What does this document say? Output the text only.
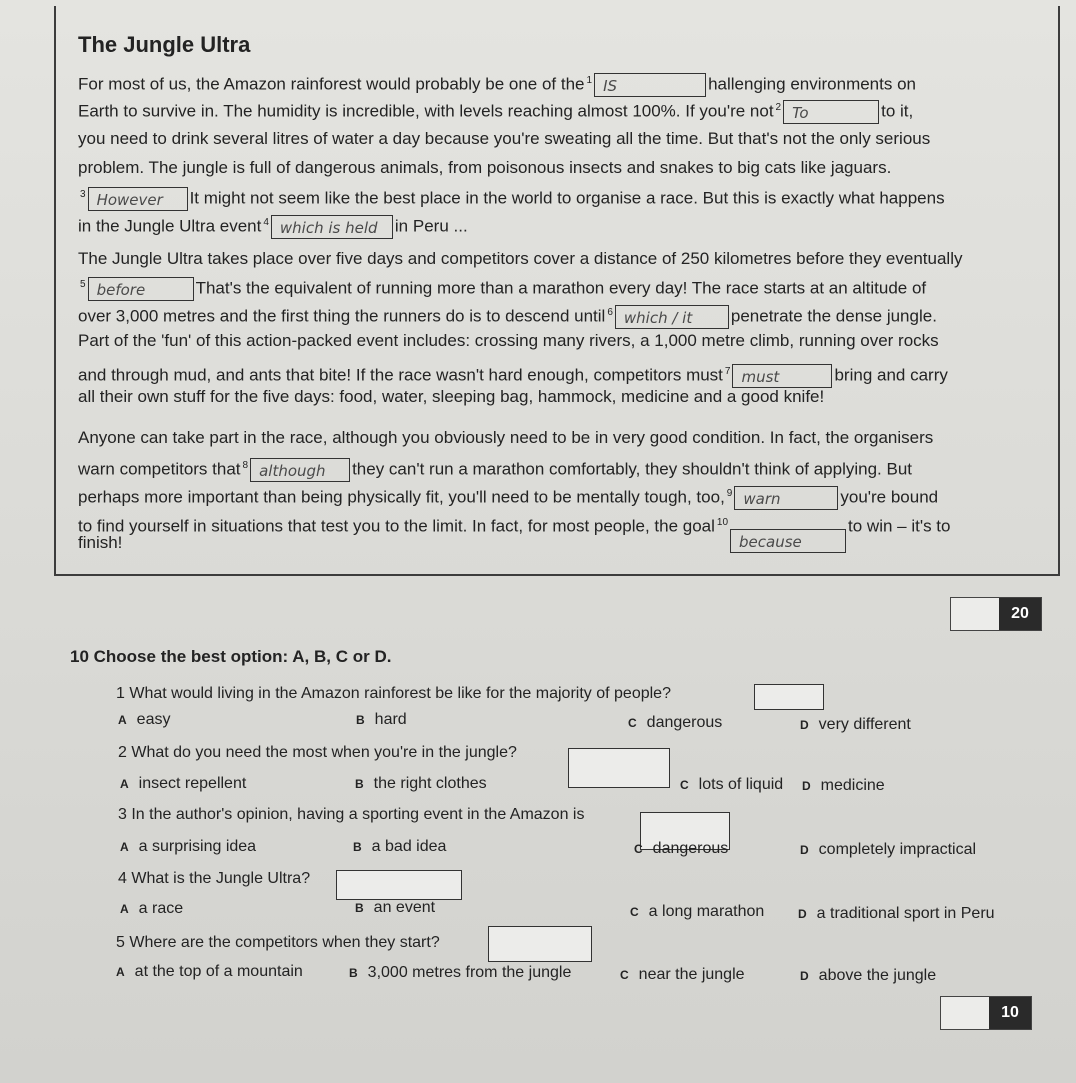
The Jungle Ultra
For most of us, the Amazon rainforest would probably be one of the $^1$ IS	hallenging environments on
Earth to survive in. The humidity is incredible, with levels reaching almost 100%. If you're not $^2$ To	to it,
you need to drink several litres of water a day because you're sweating all the time. But that's not the only serious
problem. The jungle is full of dangerous animals, from poisonous insects and snakes to big cats like jaguars.
$^3$ However It might not seem like the best place in the world to organise a race. But this is exactly what happens
in the Jungle Ultra event $^4$ which is held in Peru ...
The Jungle Ultra takes place over five days and competitors cover a distance of 250 kilometres before they eventually
$^5$ before	That's the equivalent of running more than a marathon every day! The race starts at an altitude of
over 3,000 metres and the first thing the runners do is to descend until $^6$ which / it penetrate the dense jungle.
Part of the 'fun' of this action-packed event includes: crossing many rivers, a 1,000 metre climb, running over rocks
and through mud, and ants that bite! If the race wasn't hard enough, competitors must $^7$ must	bring and carry
all their own stuff for the five days: food, water, sleeping bag, hammock, medicine and a good knife!
Anyone can take part in the race, although you obviously need to be in very good condition. In fact, the organisers
warn competitors that $^8$ although they can't run a marathon comfortably, they shouldn't think of applying. But
perhaps more important than being physically fit, you'll need to be mentally tough, too, $^9$ warn	you're bound
to find yourself in situations that test you to the limit. In fact, for most people, the goal $^{10}$
because
to win – it's to
finish!
20
10 Choose the best option: A, B, C or D.
1 What would living in the Amazon rainforest be like for the majority of people?
A easy	B hard	C dangerous	D very different
2 What do you need the most when you're in the jungle?
A insect repellent	B the right clothes	C lots of liquid D medicine
3 In the author's opinion, having a sporting event in the Amazon is
A a surprising idea	B a bad idea	C dangerous	D completely impractical
4 What is the Jungle Ultra?
A a race	B an event	C a long marathon	D a traditional sport in Peru
5 Where are the competitors when they start?
A at the top of a mountain	B 3,000 metres from the jungle	C near the jungle	D above the jungle
10
